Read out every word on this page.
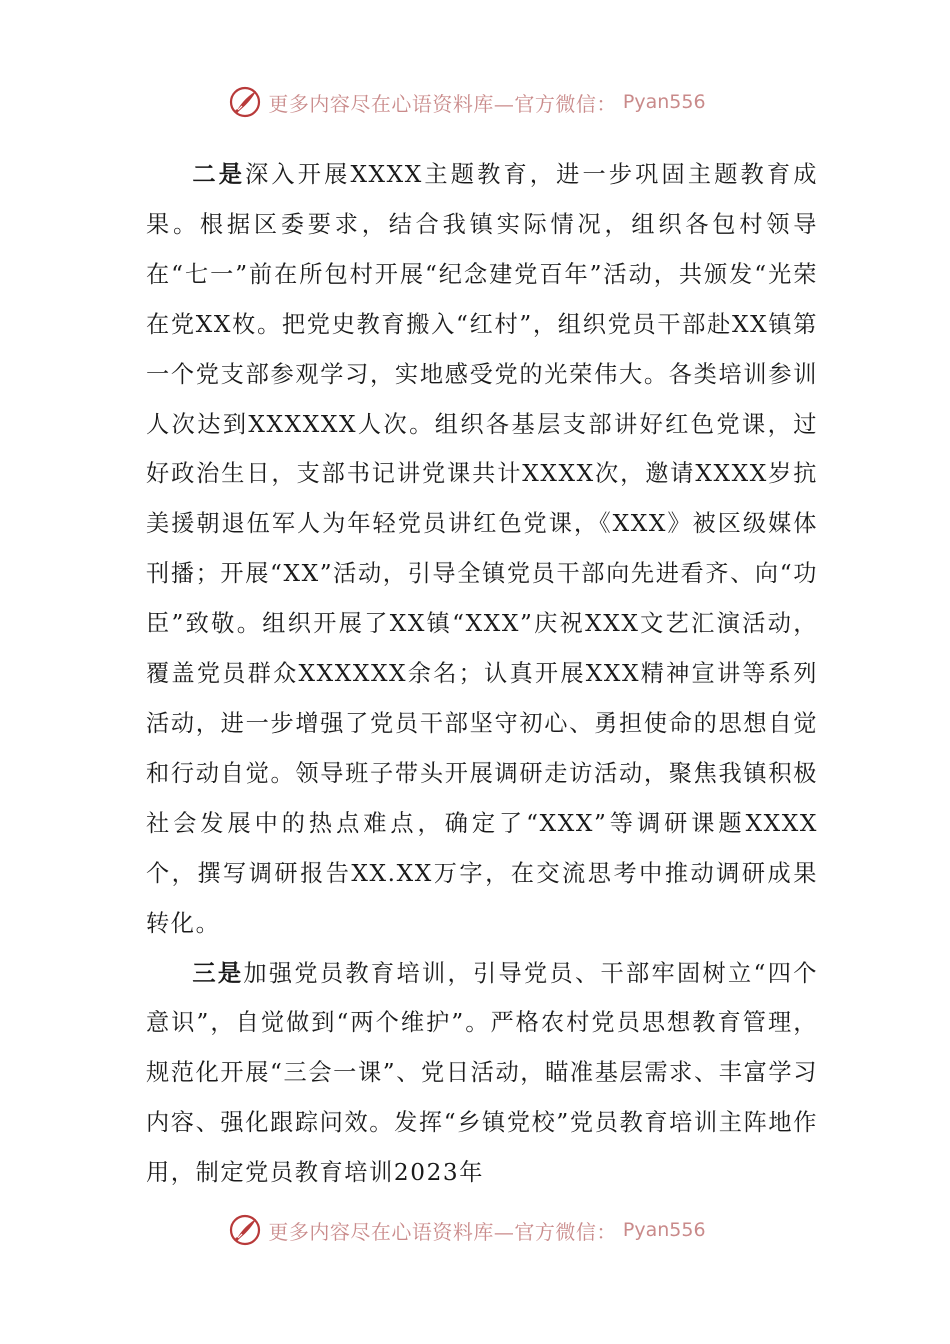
更多内容尽在心语资料库—官方微信： Pyan556

二是深入开展XXXX主题教育，进一步巩固主题教育成果。根据区委要求，结合我镇实际情况，组织各包村领导在“七一”前在所包村开展“纪念建党百年”活动，共颁发“光荣在党XX枚。把党史教育搬入“红村”，组织党员干部赴XX镇第一个党支部参观学习，实地感受党的光荣伟大。各类培训参训人次达到XXXXXX人次。组织各基层支部讲好红色党课，过好政治生日，支部书记讲党课共计XXXX次，邀请XXXX岁抗美援朝退伍军人为年轻党员讲红色党课，《XXX》被区级媒体刊播；开展“XX”活动，引导全镇党员干部向先进看齐、向“功臣”致敬。组织开展了XX镇“XXX”庆祝XXX文艺汇演活动，覆盖党员群众XXXXXX余名；认真开展XXX精神宣讲等系列活动，进一步增强了党员干部坚守初心、勇担使命的思想自觉和行动自觉。领导班子带头开展调研走访活动，聚焦我镇积极社会发展中的热点难点，确定了“XXX”等调研课题XXXX个，撰写调研报告XX.XX万字，在交流思考中推动调研成果转化。

三是加强党员教育培训，引导党员、干部牢固树立“四个意识”，自觉做到“两个维护”。严格农村党员思想教育管理，规范化开展“三会一课”、党日活动，瞄准基层需求、丰富学习内容、强化跟踪问效。发挥“乡镇党校”党员教育培训主阵地作用，制定党员教育培训2023年

更多内容尽在心语资料库—官方微信： Pyan556
